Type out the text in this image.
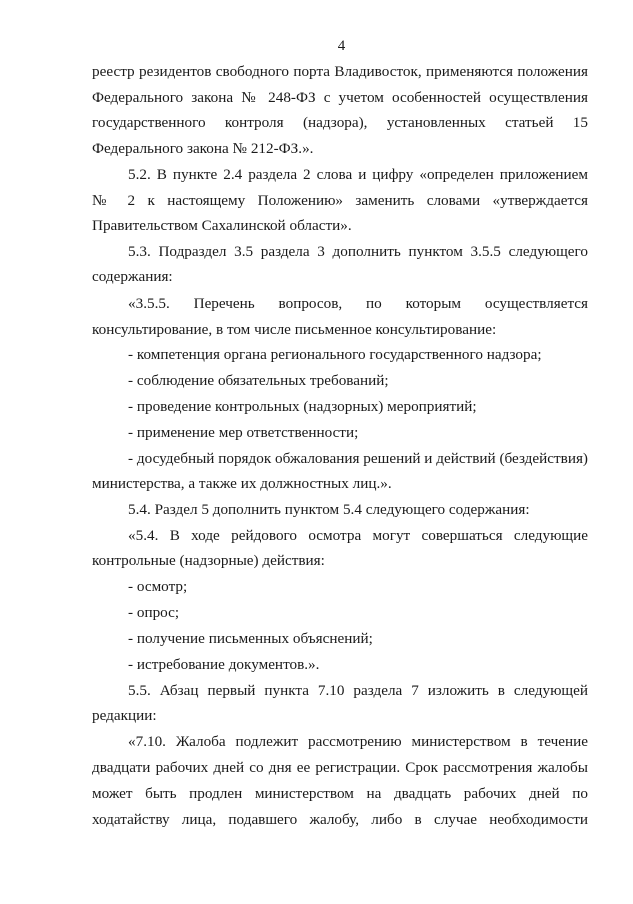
4
реестр резидентов свободного порта Владивосток, применяются положения
Федерального закона № 248-ФЗ с учетом особенностей осуществления
государственного контроля (надзора), установленных статьей 15
Федерального закона № 212-ФЗ.».
5.2. В пункте 2.4 раздела 2 слова и цифру «определен приложением
№ 2 к настоящему Положению» заменить словами «утверждается
Правительством Сахалинской области».
5.3. Подраздел 3.5 раздела 3 дополнить пунктом 3.5.5 следующего
содержания:
«3.5.5. Перечень вопросов, по которым осуществляется
консультирование, в том числе письменное консультирование:
- компетенция органа регионального государственного надзора;
- соблюдение обязательных требований;
- проведение контрольных (надзорных) мероприятий;
- применение мер ответственности;
- досудебный порядок обжалования решений и действий (бездействия)
министерства, а также их должностных лиц.».
5.4. Раздел 5 дополнить пунктом 5.4 следующего содержания:
«5.4. В ходе рейдового осмотра могут совершаться следующие
контрольные (надзорные) действия:
- осмотр;
- опрос;
- получение письменных объяснений;
- истребование документов.».
5.5. Абзац первый пункта 7.10 раздела 7 изложить в следующей
редакции:
«7.10. Жалоба подлежит рассмотрению министерством в течение
двадцати рабочих дней со дня ее регистрации. Срок рассмотрения жалобы
может быть продлен министерством на двадцать рабочих дней по
ходатайству лица, подавшего жалобу, либо в случае необходимости
